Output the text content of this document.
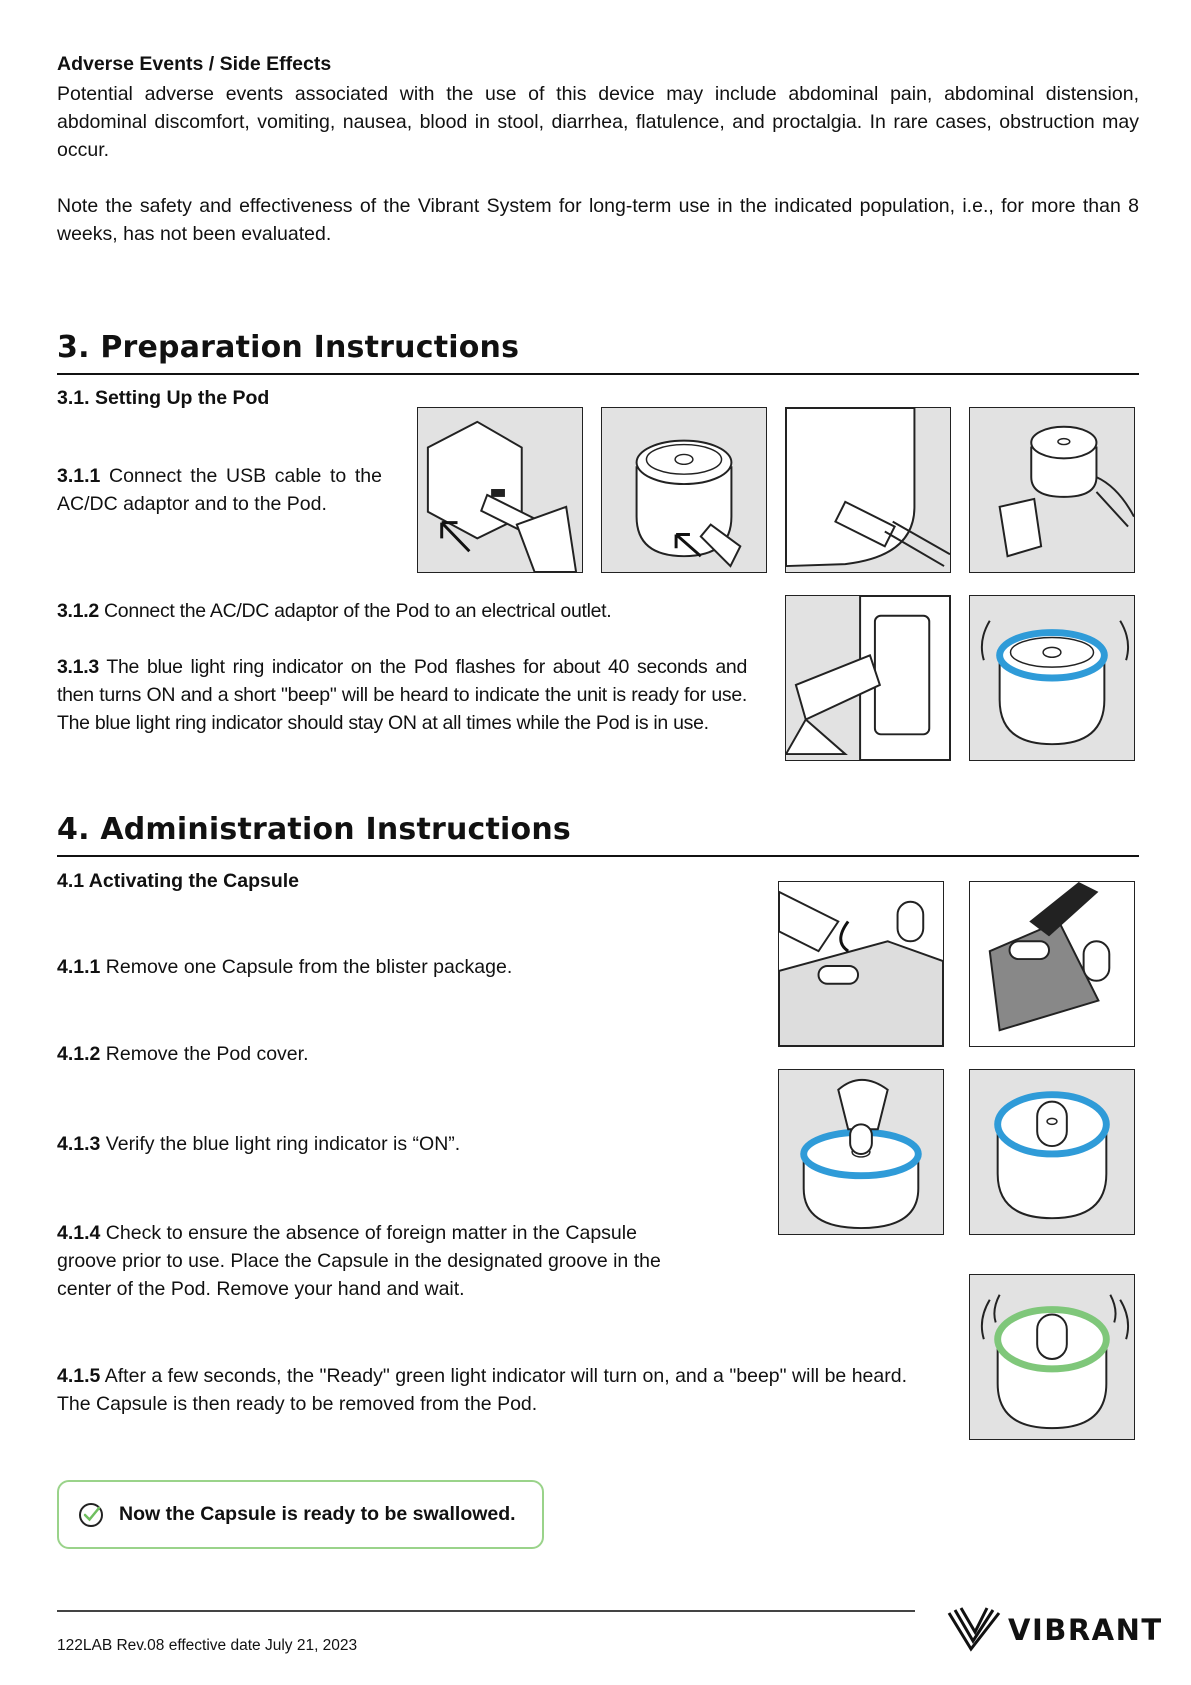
Adverse Events / Side Effects
Potential adverse events associated with the use of this device may include abdominal pain, abdominal distension, abdominal discomfort, vomiting, nausea, blood in stool, diarrhea, flatulence, and proctalgia. In rare cases, obstruction may occur.
Note the safety and effectiveness of the Vibrant System for long-term use in the indicated population, i.e., for more than 8 weeks, has not been evaluated.
3. Preparation Instructions
3.1. Setting Up the Pod
3.1.1 Connect the USB cable to the AC/DC adaptor and to the Pod.
3.1.2 Connect the AC/DC adaptor of the Pod to an electrical outlet.
3.1.3 The blue light ring indicator on the Pod flashes for about 40 seconds and then turns ON and a short "beep" will be heard to indicate the unit is ready for use. The blue light ring indicator should stay ON at all times while the Pod is in use.
4. Administration Instructions
4.1 Activating the Capsule
4.1.1 Remove one Capsule from the blister package.
4.1.2 Remove the Pod cover.
4.1.3 Verify the blue light ring indicator is “ON”.
4.1.4 Check to ensure the absence of foreign matter in the Capsule groove prior to use. Place the Capsule in the designated groove in the center of the Pod. Remove your hand and wait.
4.1.5 After a few seconds, the "Ready" green light indicator will turn on, and a "beep" will be heard. The Capsule is then ready to be removed from the Pod.
Now the Capsule is ready to be swallowed.
122LAB Rev.08 effective date July 21, 2023	VIBRANT
